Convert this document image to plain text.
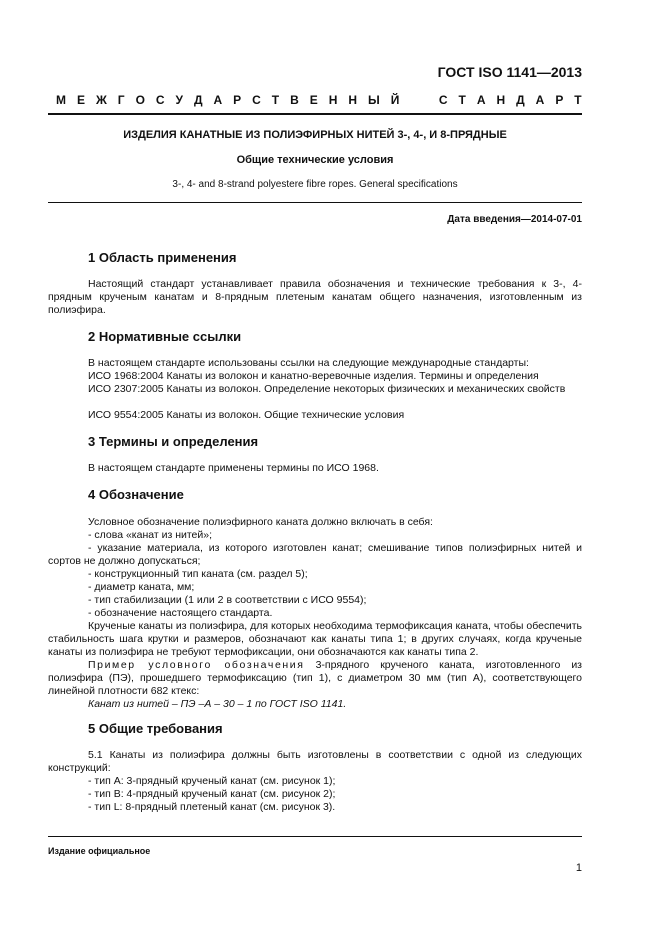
ГОСТ ISO 1141—2013
М Е Ж Г О С У Д А Р С Т В Е Н Н Ы Й

	С Т А Н Д А Р Т
ИЗДЕЛИЯ КАНАТНЫЕ ИЗ ПОЛИЭФИРНЫХ НИТЕЙ 3-, 4-, И 8-ПРЯДНЫЕ
Общие технические условия
3-, 4- and 8-strand polyestere fibre ropes. General specifications
Дата введения—2014-07-01
1 Область применения
Настоящий стандарт устанавливает правила обозначения и технические требования к 3-, 4-прядным крученым канатам и 8-прядным плетеным канатам общего назначения, изготовленным из полиэфира.
2 Нормативные ссылки
В настоящем стандарте использованы ссылки на следующие международные стандарты:
ИСО 1968:2004 Канаты из волокон и канатно-веревочные изделия. Термины и определения
ИСО 2307:2005 Канаты из волокон. Определение некоторых физических и механических свойств
ИСО 9554:2005 Канаты из волокон. Общие технические условия
3 Термины и определения
В настоящем стандарте применены термины по ИСО 1968.
4 Обозначение
Условное обозначение полиэфирного каната должно включать в себя:
- слова «канат из нитей»;
- указание материала, из которого изготовлен канат; смешивание типов полиэфирных нитей и сортов не должно допускаться;
- конструкционный тип каната (см. раздел 5);
- диаметр каната, мм;
- тип стабилизации (1 или 2 в соответствии с ИСО 9554);
- обозначение настоящего стандарта.
Крученые канаты из полиэфира, для которых необходима термофиксация каната, чтобы обеспечить стабильность шага крутки и размеров, обозначают как канаты типа 1; в других случаях, когда крученые канаты из полиэфира не требуют термофиксации, они обозначаются как канаты типа 2.
Пример условного обозначения 3-прядного крученого каната, изготовленного из полиэфира (ПЭ), прошедшего термофиксацию (тип 1), с диаметром 30 мм (тип А), соответствующего линейной плотности 682 ктекс:
Канат из нитей – ПЭ –А – 30 – 1 по ГОСТ ISO 1141.
5 Общие требования
5.1 Канаты из полиэфира должны быть изготовлены в соответствии с одной из следующих конструкций:
- тип А: 3-прядный крученый канат (см. рисунок 1);
- тип В: 4-прядный крученый канат (см. рисунок 2);
- тип L: 8-прядный плетеный канат (см. рисунок 3).
Издание официальное
1
